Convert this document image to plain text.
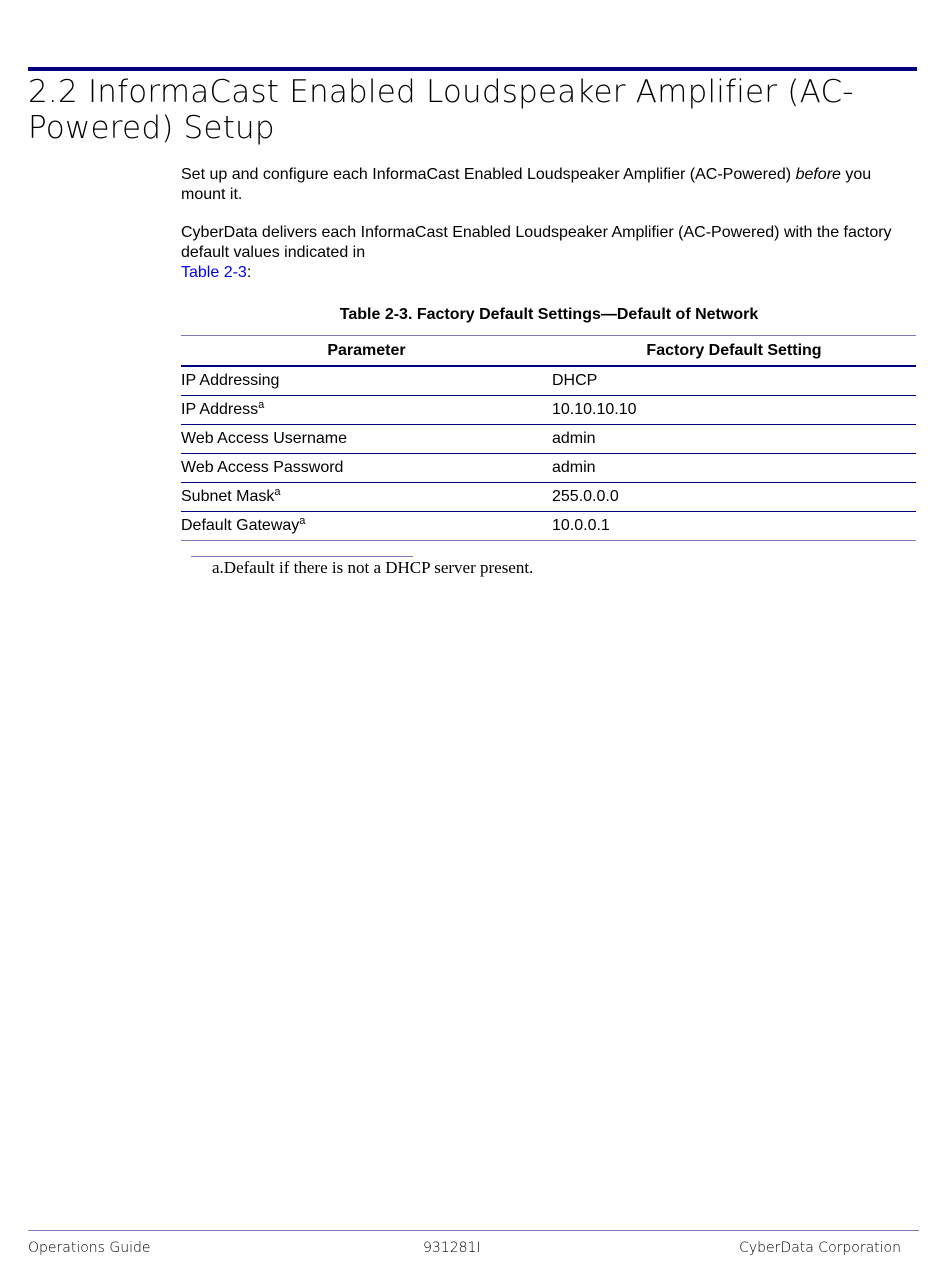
2.2 InformaCast Enabled Loudspeaker Amplifier (AC-Powered) Setup

Set up and configure each InformaCast Enabled Loudspeaker Amplifier (AC-Powered) before you mount it.

CyberData delivers each InformaCast Enabled Loudspeaker Amplifier (AC-Powered) with the factory default values indicated in
Table 2-3:

Table 2-3. Factory Default Settings—Default of Network

Parameter	Factory Default Setting
IP Addressing	DHCP
IP Address$^a$	10.10.10.10
Web Access Username	admin
Web Access Password	admin
Subnet Mask$^a$	255.0.0.0
Default Gateway$^a$	10.0.0.1
a.Default if there is not a DHCP server present.
Operations Guide	931281I	CyberData Corporation
